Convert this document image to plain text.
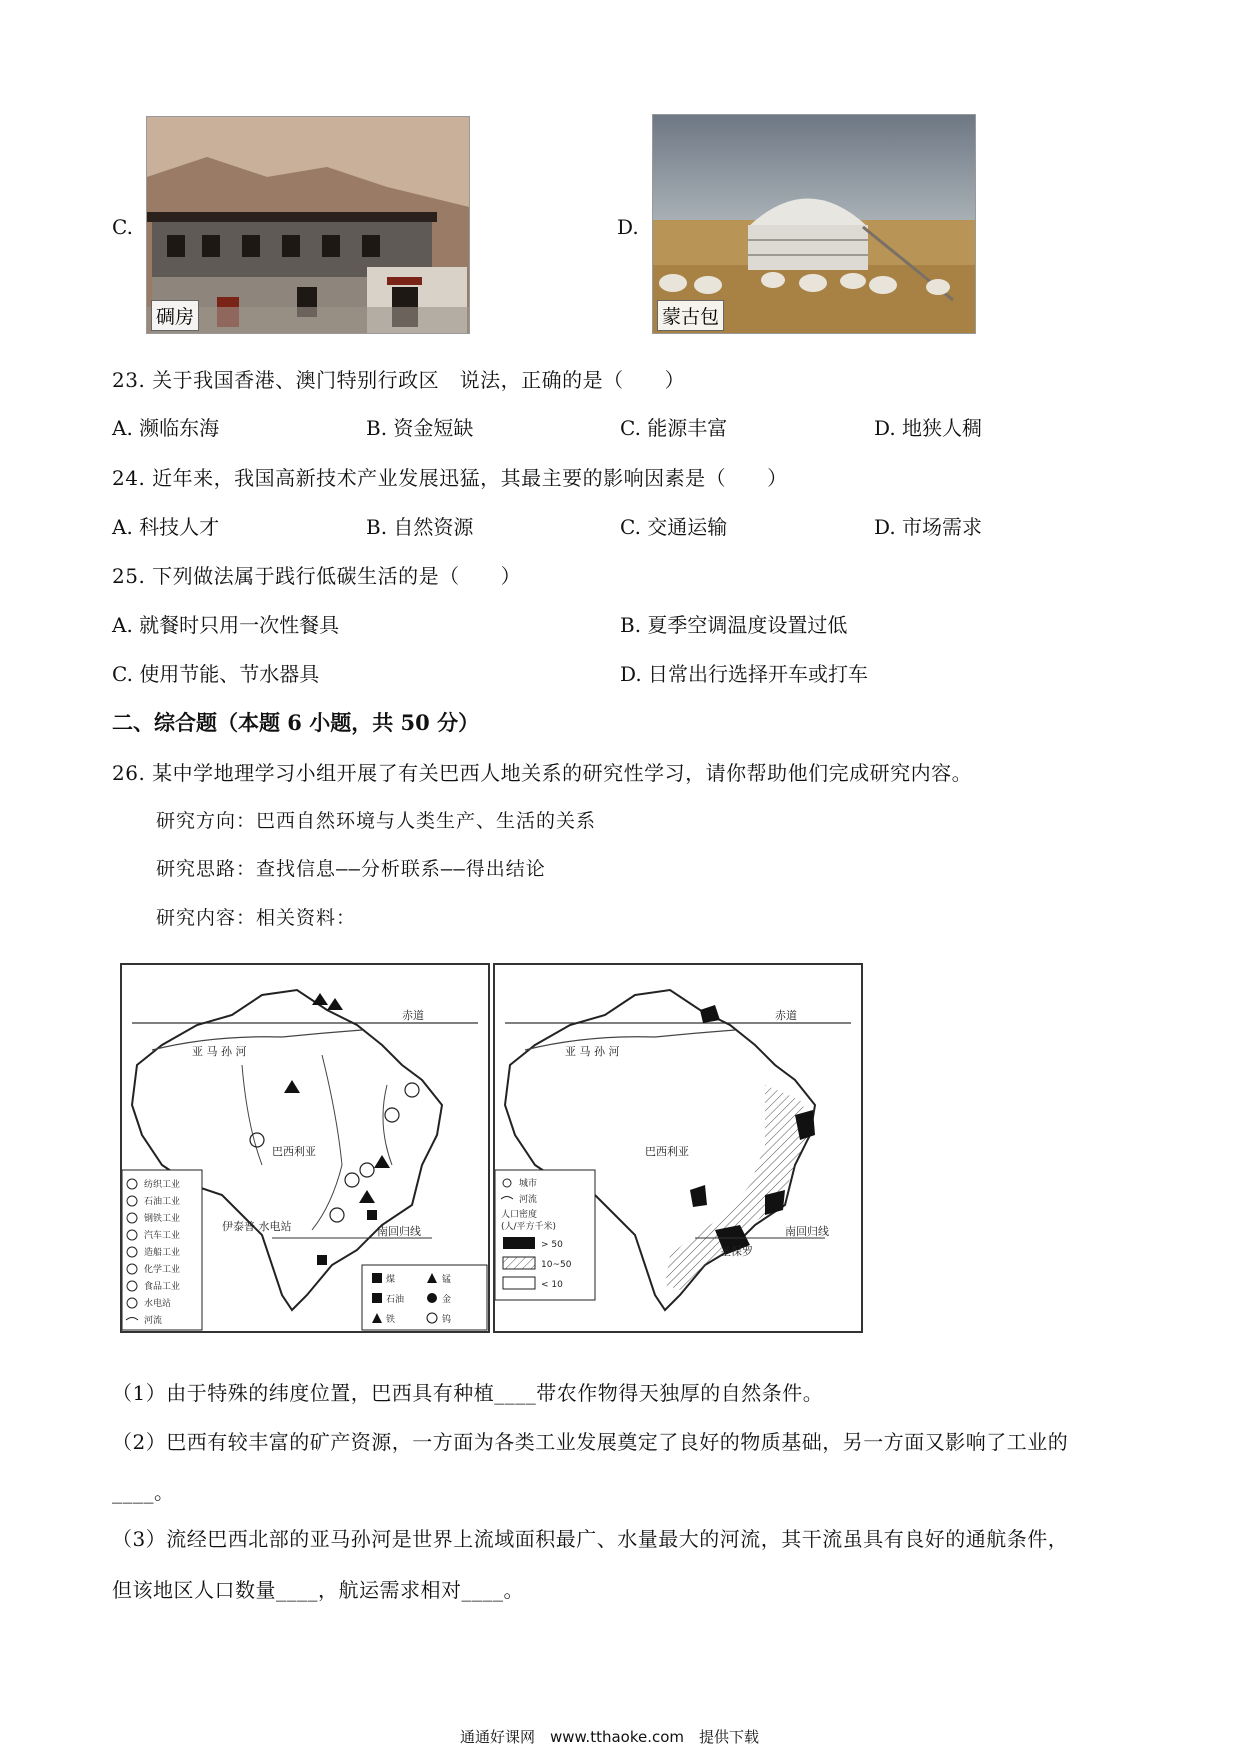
C.
碉房
D.
蒙古包
23. 关于我国香港、澳门特别行政区　说法，正确的是（　　）
A. 濒临东海	B. 资金短缺	C. 能源丰富	D. 地狭人稠
24. 近年来，我国高新技术产业发展迅猛，其最主要的影响因素是（　　）
A. 科技人才	B. 自然资源	C. 交通运输	D. 市场需求
25. 下列做法属于践行低碳生活的是（　　）
A. 就餐时只用一次性餐具	B. 夏季空调温度设置过低
C. 使用节能、节水器具	D. 日常出行选择开车或打车
二、综合题（本题 6 小题，共 50 分）
26. 某中学地理学习小组开展了有关巴西人地关系的研究性学习，请你帮助他们完成研究内容。
研究方向：巴西自然环境与人类生产、生活的关系
研究思路：查找信息——分析联系——得出结论
研究内容：相关资料：
赤道
亚 马 孙 河
巴西利亚
伊泰普 水电站	南回归线
纺织工业
石油工业
钢铁工业
汽车工业
造船工业
化学工业
食品工业
水电站
河流
煤	锰
石油	金
铁	钨
赤道
亚 马 孙 河
巴西利亚
圣保罗
南回归线
城市
河流
人口密度
(人/平方千米)
> 50
10~50
< 10
（1）由于特殊的纬度位置，巴西具有种植____带农作物得天独厚的自然条件。
（2）巴西有较丰富的矿产资源，一方面为各类工业发展奠定了良好的物质基础，另一方面又影响了工业的
____。
（3）流经巴西北部的亚马孙河是世界上流域面积最广、水量最大的河流，其干流虽具有良好的通航条件，
但该地区人口数量____，航运需求相对____。
通通好课网　www.tthaoke.com　提供下载
